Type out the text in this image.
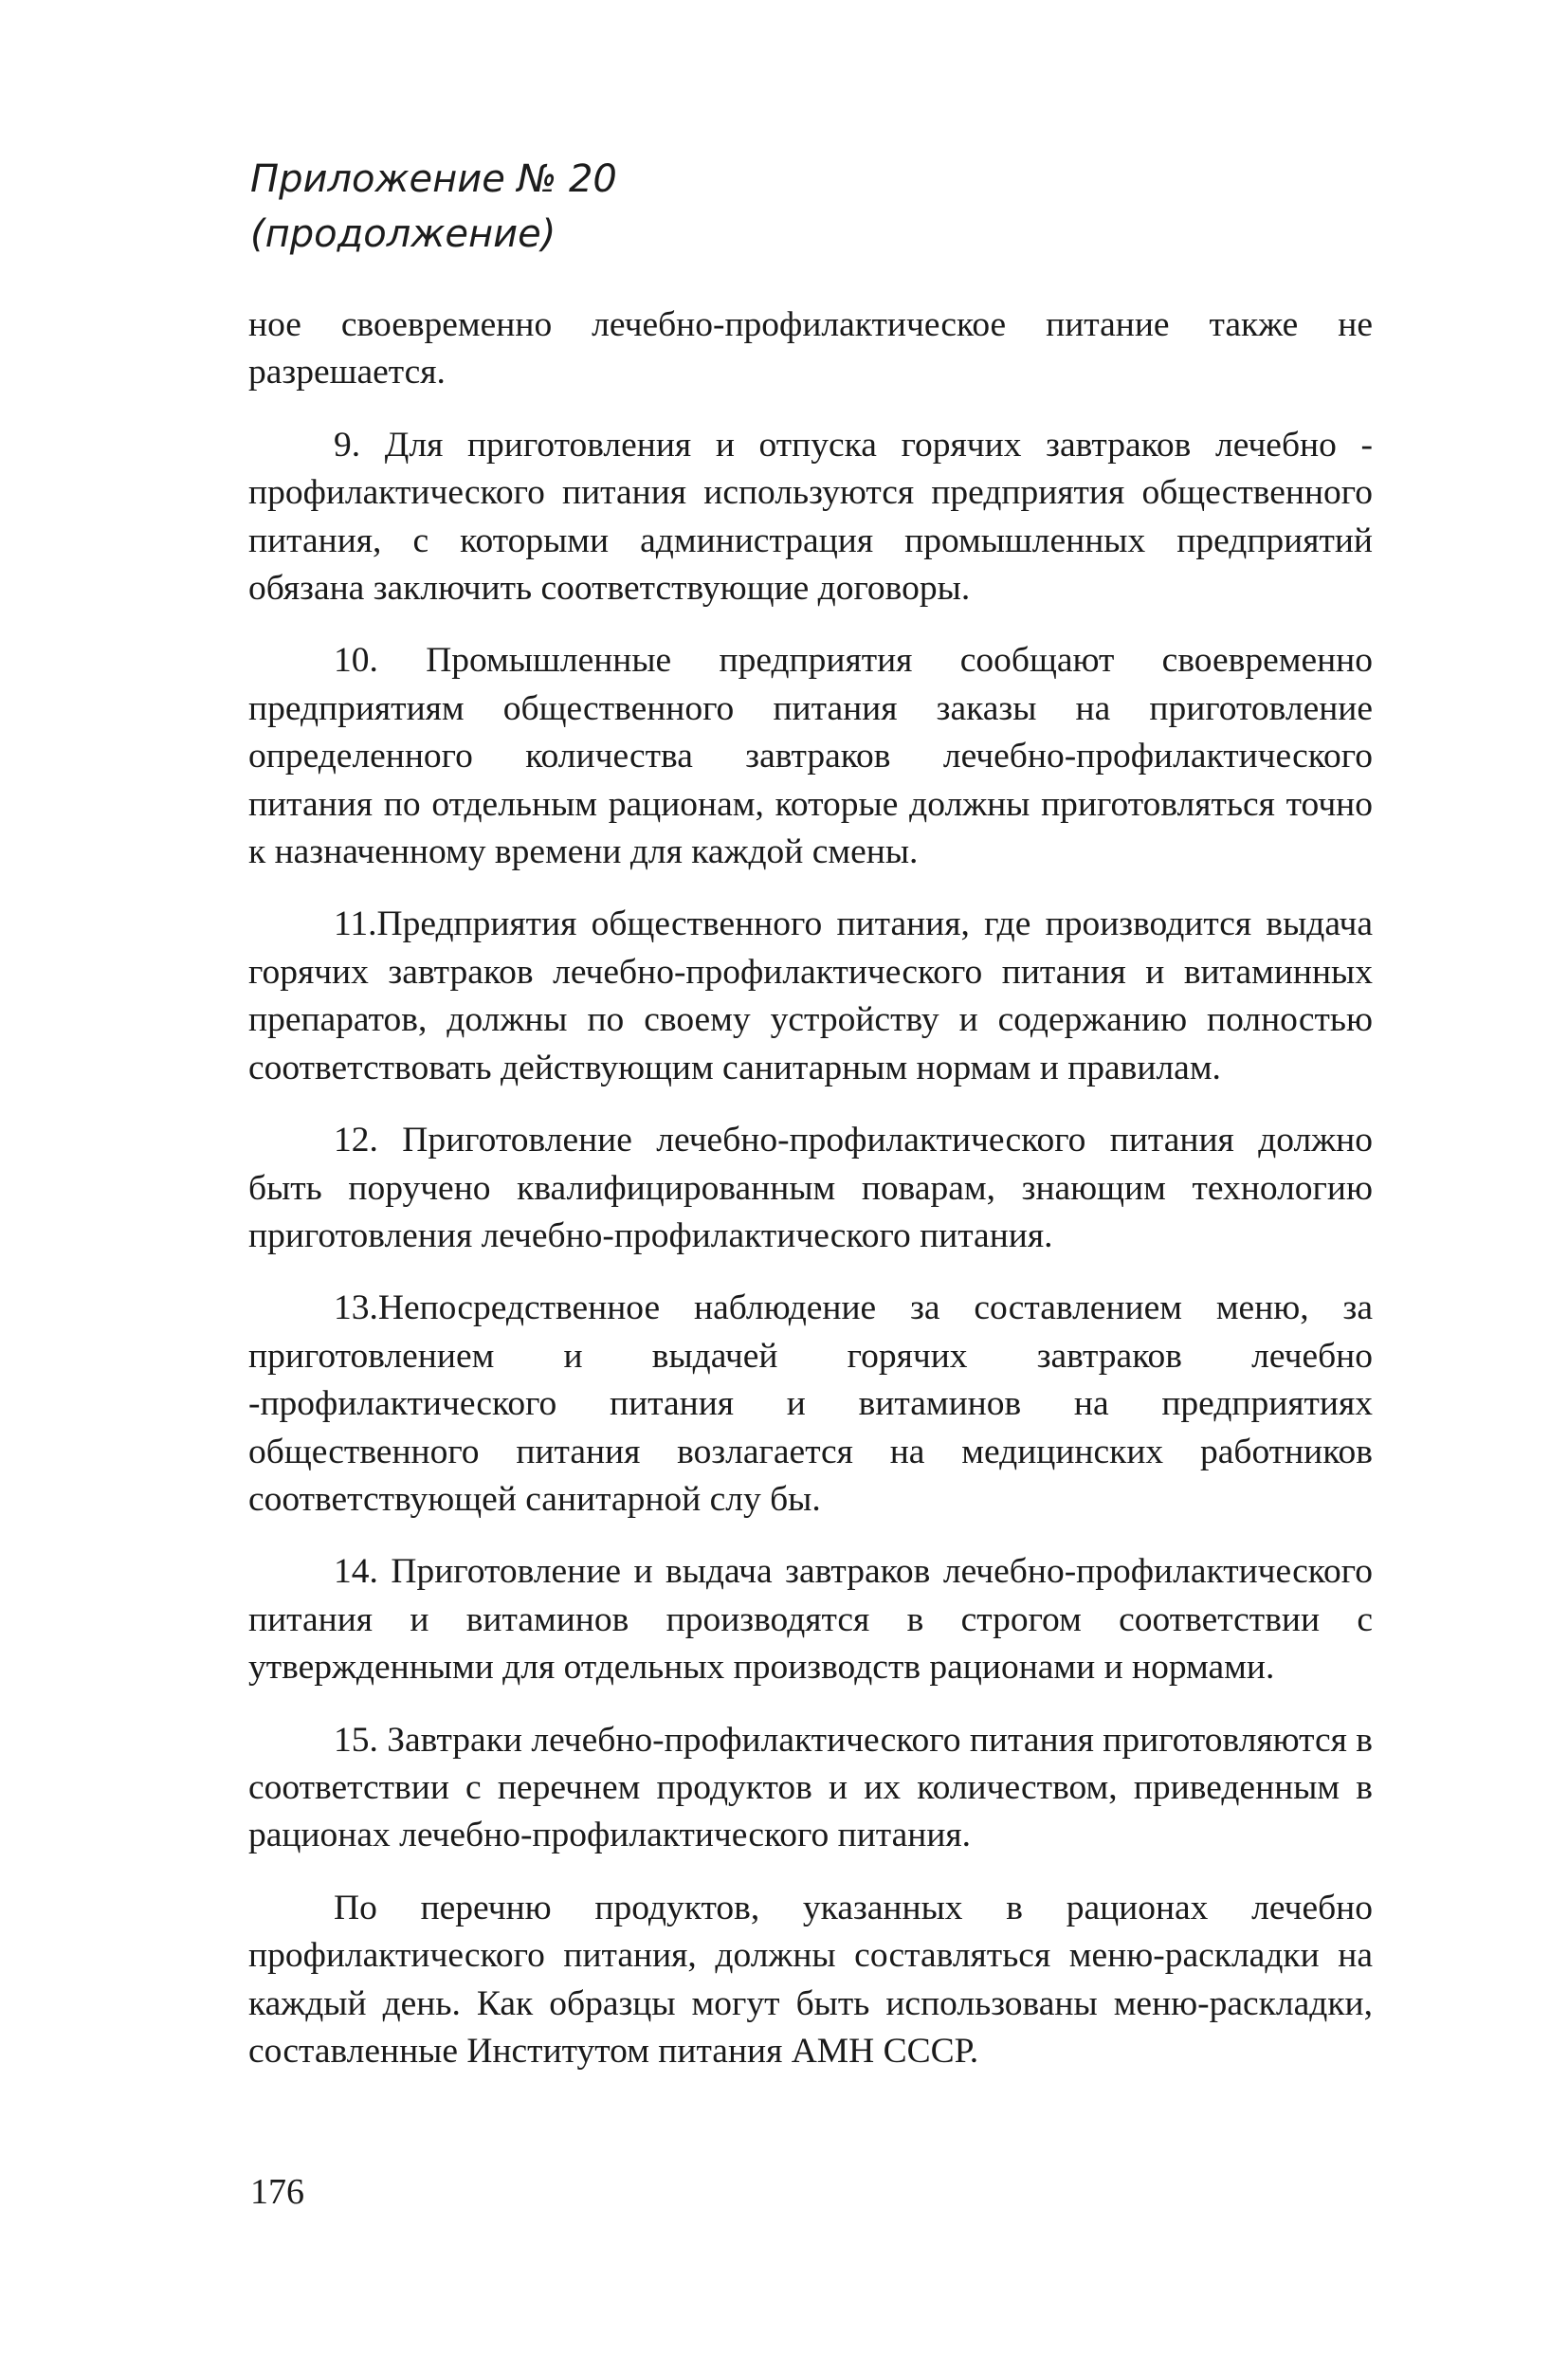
Приложение № 20
(продолжение)

ное своевременно лечебно-профилактическое питание также не разрешается.

9. Для приготовления и отпуска горячих завтраков лечебно - профилактического питания используются предприятия общественного питания, с которыми администрация промышленных предприятий обязана заключить соответствующие договоры.

10. Промышленные предприятия сообщают своевременно предприятиям общественного питания заказы на приготовление определенного количества завтраков лечебно-профилактического питания по отдельным рационам, которые должны приготовляться точно к назначенному времени для каждой смены.

11.Предприятия общественного питания, где производится выдача горячих завтраков лечебно-профилактического питания и витаминных препаратов, должны по своему устройству и содержанию полностью соответствовать действующим санитарным нормам и правилам.

12. Приготовление лечебно-профилактического питания должно быть поручено квалифицированным поварам, знающим технологию приготовления лечебно-профилактического питания.

13.Непосредственное наблюдение за составлением меню, за приготовлением и выдачей горячих завтраков лечебно -профилактического питания и витаминов на предприятиях общественного питания возлагается на медицинских работников соответствующей санитарной слу бы.

14. Приготовление и выдача завтраков лечебно-профилактического питания и витаминов производятся в строгом соответствии с утвержденными для отдельных производств рационами и нормами.

15. Завтраки лечебно-профилактического питания приготовляются в соответствии с перечнем продуктов и их количеством, приведенным в рационах лечебно-профилактического питания.

По перечню продуктов, указанных в рационах лечебно профилактического питания, должны составляться меню-раскладки на каждый день. Как образцы могут быть использованы меню-раскладки, составленные Институтом питания АМН СССР.

176
